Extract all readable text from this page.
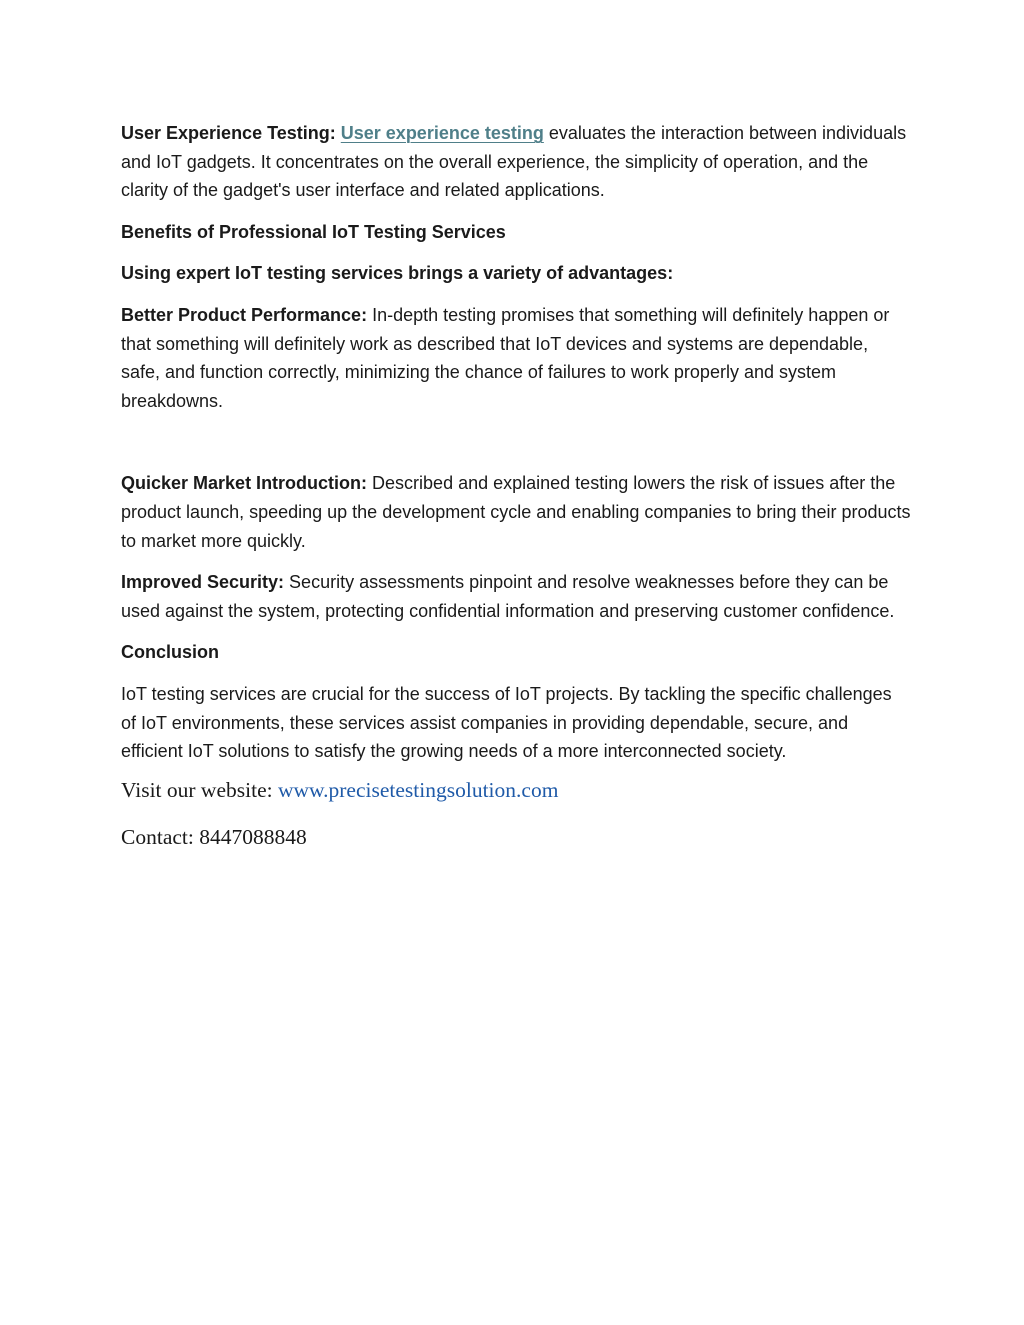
User Experience Testing: User experience testing evaluates the interaction between individuals and IoT gadgets. It concentrates on the overall experience, the simplicity of operation, and the clarity of the gadget's user interface and related applications.

Benefits of Professional IoT Testing Services

Using expert IoT testing services brings a variety of advantages:

Better Product Performance: In-depth testing promises that something will definitely happen or that something will definitely work as described that IoT devices and systems are dependable, safe, and function correctly, minimizing the chance of failures to work properly and system breakdowns.

Quicker Market Introduction: Described and explained testing lowers the risk of issues after the product launch, speeding up the development cycle and enabling companies to bring their products to market more quickly.

Improved Security: Security assessments pinpoint and resolve weaknesses before they can be used against the system, protecting confidential information and preserving customer confidence.

Conclusion

IoT testing services are crucial for the success of IoT projects. By tackling the specific challenges of IoT environments, these services assist companies in providing dependable, secure, and efficient IoT solutions to satisfy the growing needs of a more interconnected society.

Visit our website: www.precisetestingsolution.com

Contact: 8447088848
